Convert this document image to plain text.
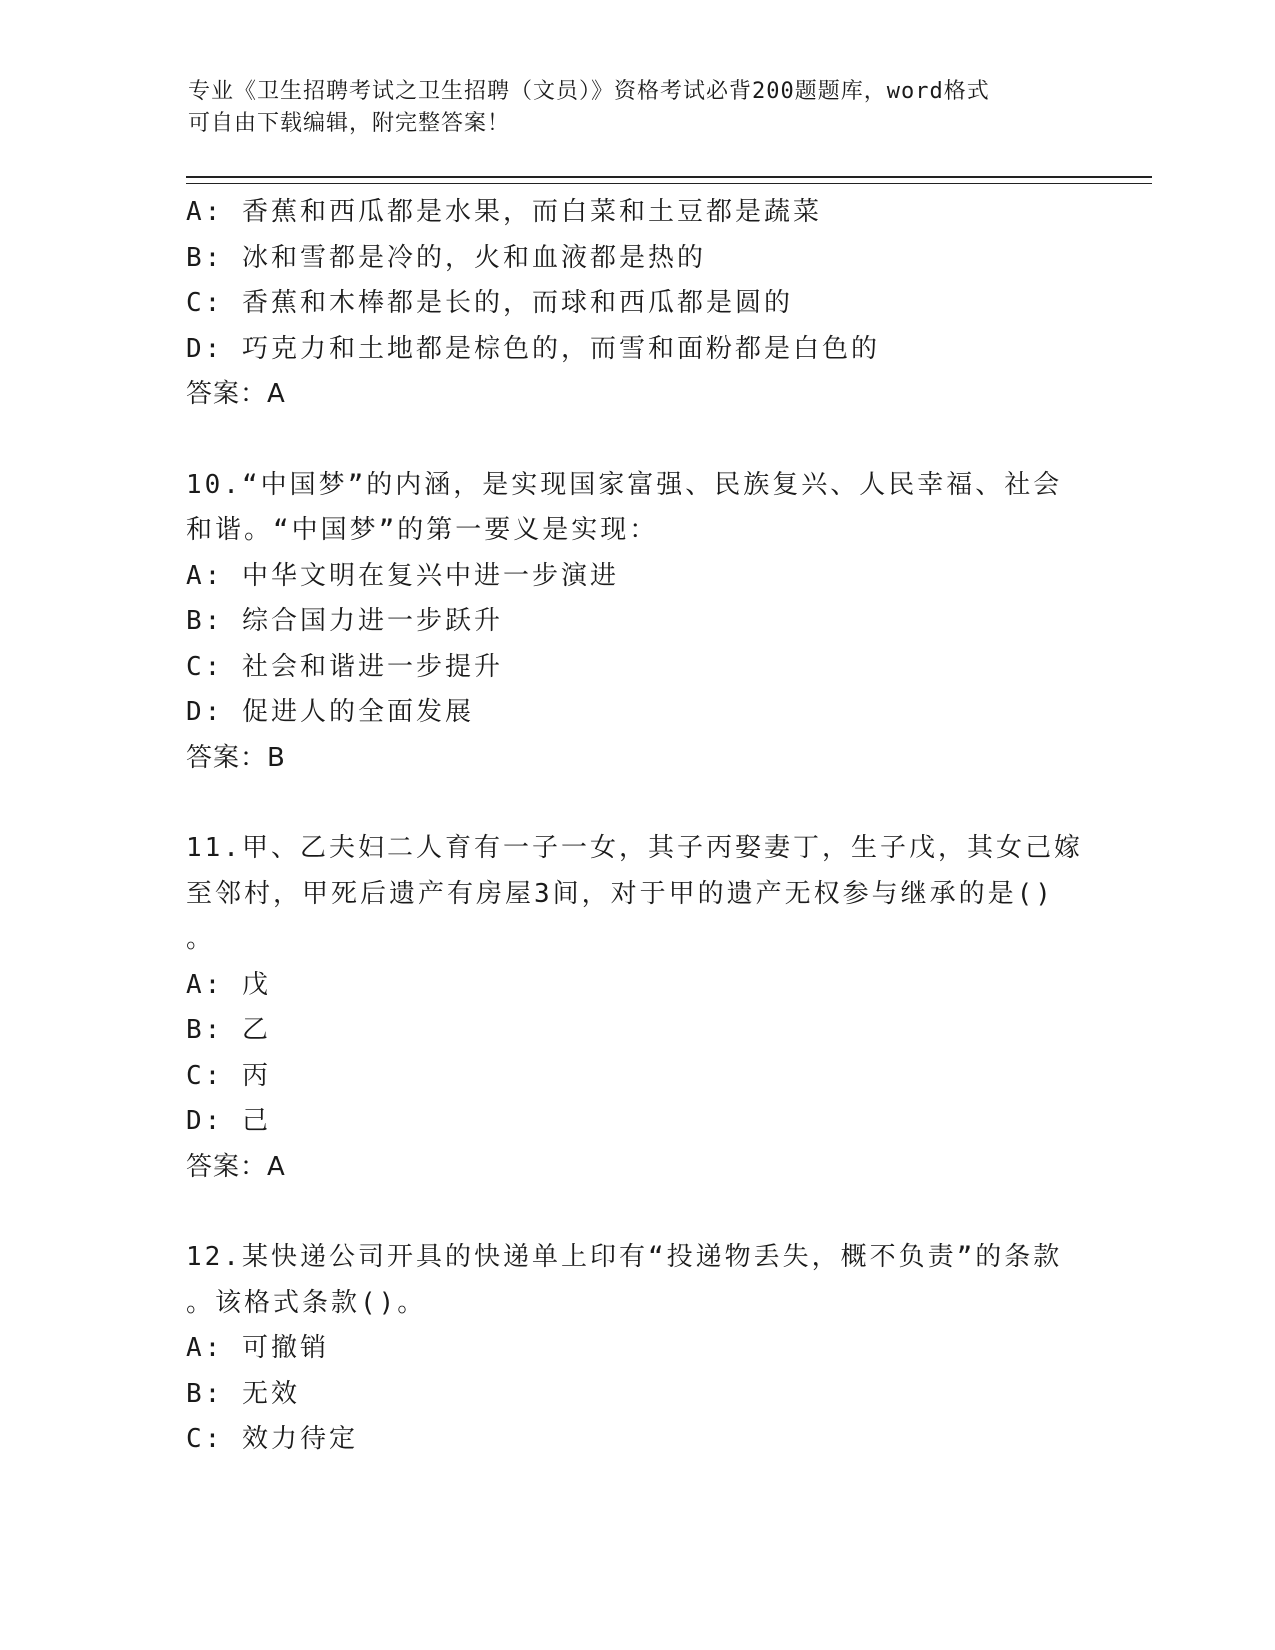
专业《卫生招聘考试之卫生招聘（文员）》资格考试必背200题题库，word格式
可自由下载编辑，附完整答案！
A: 香蕉和西瓜都是水果，而白菜和土豆都是蔬菜
B: 冰和雪都是冷的，火和血液都是热的
C: 香蕉和木棒都是长的，而球和西瓜都是圆的
D: 巧克力和土地都是棕色的，而雪和面粉都是白色的
答案：A
10.“中国梦”的内涵，是实现国家富强、民族复兴、人民幸福、社会
和谐。“中国梦”的第一要义是实现：
A: 中华文明在复兴中进一步演进
B: 综合国力进一步跃升
C: 社会和谐进一步提升
D: 促进人的全面发展
答案：B
11.甲、乙夫妇二人育有一子一女，其子丙娶妻丁，生子戊，其女己嫁
至邻村，甲死后遗产有房屋3间，对于甲的遗产无权参与继承的是()
。
A: 戊
B: 乙
C: 丙
D: 己
答案：A
12.某快递公司开具的快递单上印有“投递物丢失，概不负责”的条款
。该格式条款()。
A: 可撤销
B: 无效
C: 效力待定
